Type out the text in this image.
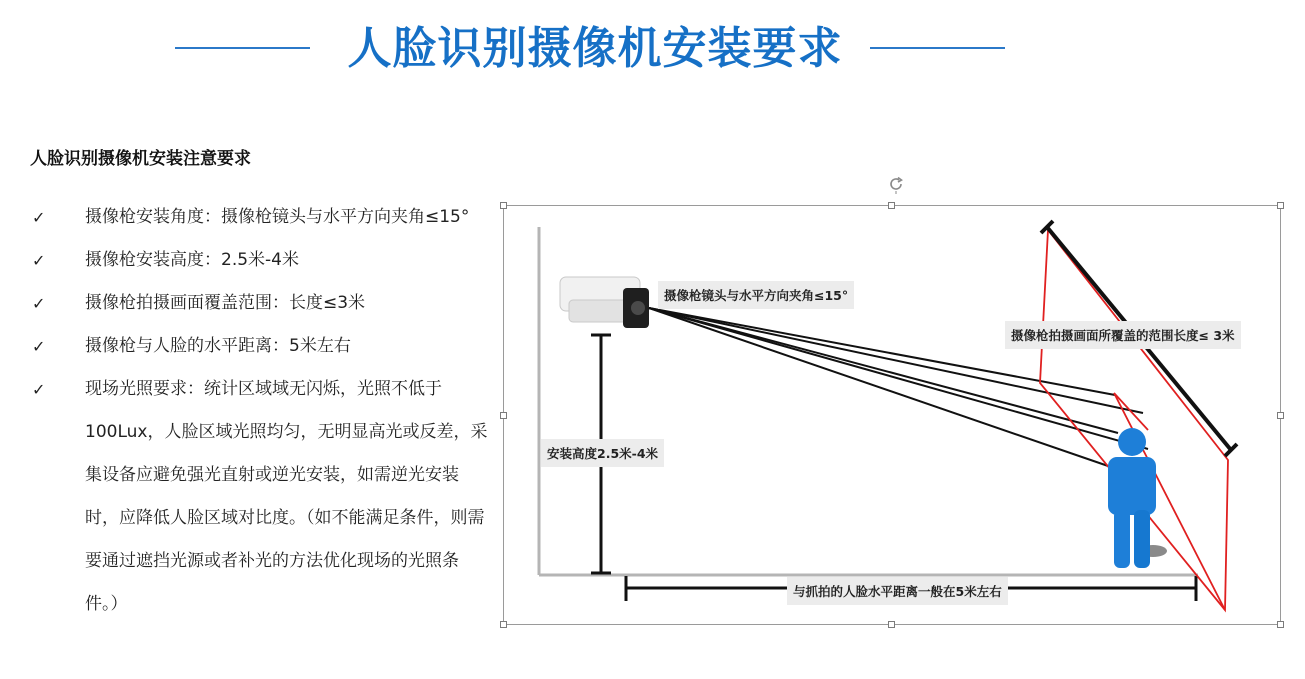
人脸识别摄像机安装要求
人脸识别摄像机安装注意要求
✓ 摄像枪安装角度：摄像枪镜头与水平方向夹角≤15°
✓ 摄像枪安装高度：2.5米-4米
✓ 摄像枪拍摄画面覆盖范围：长度≤3米
✓ 摄像枪与人脸的水平距离：5米左右
✓ 现场光照要求：统计区域域无闪烁，光照不低于100Lux，人脸区域光照均匀，无明显高光或反差，采集设备应避免强光直射或逆光安装，如需逆光安装时，应降低人脸区域对比度。（如不能满足条件，则需要通过遮挡光源或者补光的方法优化现场的光照条件。）
摄像枪镜头与水平方向夹角≤15°
摄像枪拍摄画面所覆盖的范围长度≤ 3米
安装高度2.5米-4米
与抓拍的人脸水平距离一般在5米左右
